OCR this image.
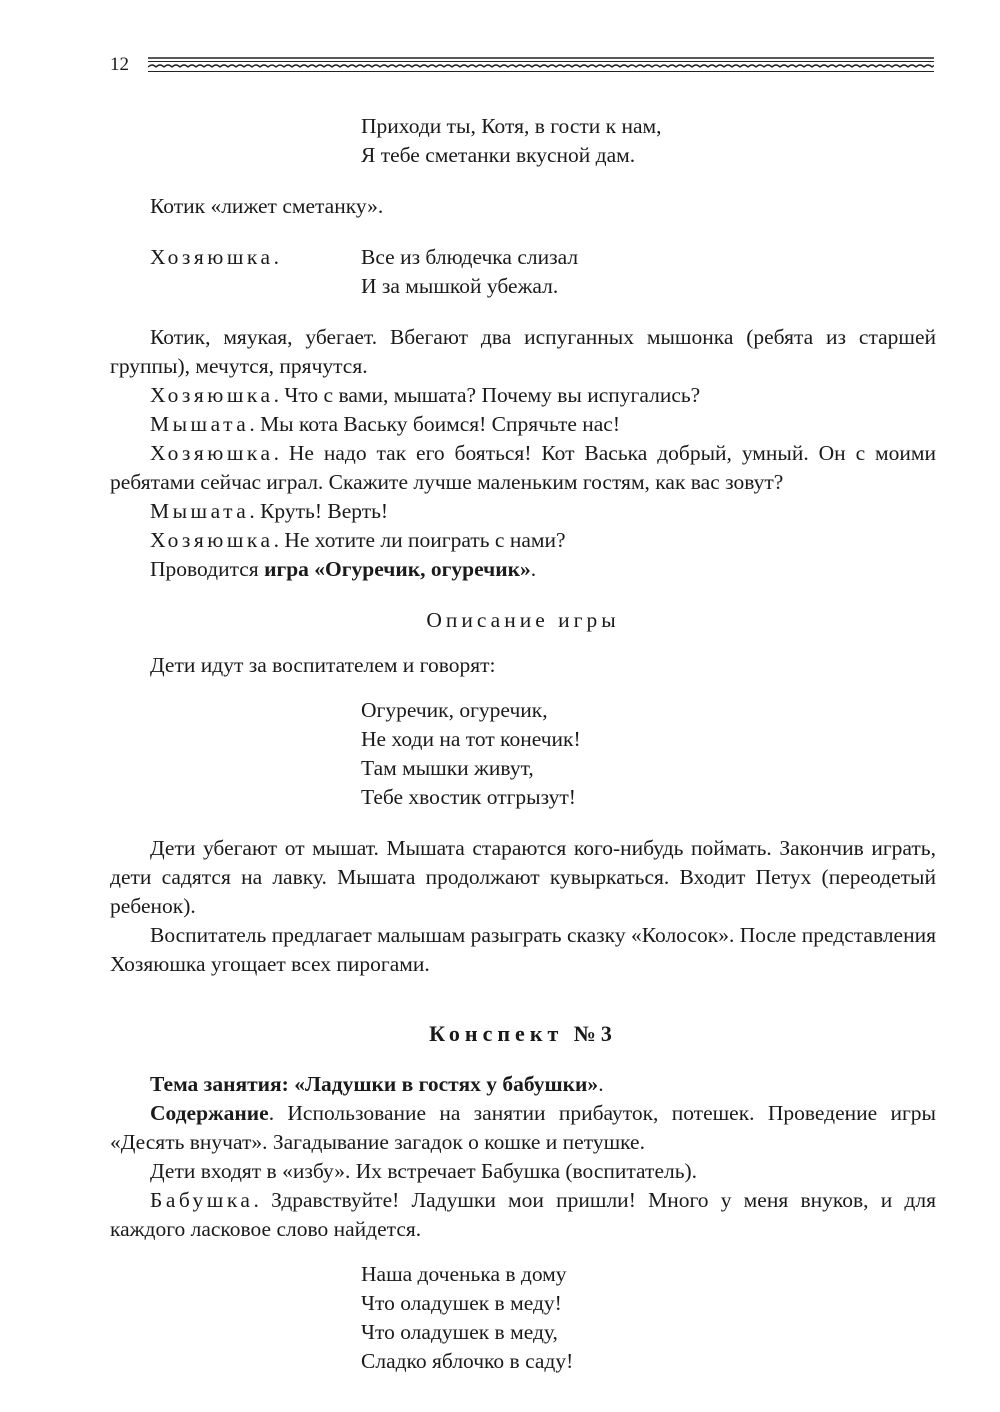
12
Приходи ты, Котя, в гости к нам,
Я тебе сметанки вкусной дам.
Котик «лижет сметанку».
Хозяюшка.	Все из блюдечка слизал
И за мышкой убежал.

Котик, мяукая, убегает. Вбегают два испуганных мышонка (ребята из старшей группы), мечутся, прячутся.

Хозяюшка. Что с вами, мышата? Почему вы испугались?

Мышата. Мы кота Ваську боимся! Спрячьте нас!

Хозяюшка. Не надо так его бояться! Кот Васька добрый, умный. Он с моими ребятами сейчас играл. Скажите лучше маленьким гостям, как вас зовут?

Мышата. Круть! Верть!

Хозяюшка. Не хотите ли поиграть с нами?

Проводится игра «Огуречик, огуречик».

Описание игры
Дети идут за воспитателем и говорят:
Огуречик, огуречик,
Не ходи на тот конечик!
Там мышки живут,
Тебе хвостик отгрызут!

Дети убегают от мышат. Мышата стараются кого-нибудь поймать. Закончив играть, дети садятся на лавку. Мышата продолжают кувыркаться. Входит Петух (переодетый ребенок).

Воспитатель предлагает малышам разыграть сказку «Колосок». После представления Хозяюшка угощает всех пирогами.

Конспект №3

Тема занятия: «Ладушки в гостях у бабушки».

Содержание. Использование на занятии прибауток, потешек. Проведение игры «Десять внучат». Загадывание загадок о кошке и петушке.

Дети входят в «избу». Их встречает Бабушка (воспитатель).

Бабушка. Здравствуйте! Ладушки мои пришли! Много у меня внуков, и для каждого ласковое слово найдется.

Наша доченька в дому
Что оладушек в меду!
Что оладушек в меду,
Сладко яблочко в саду!
